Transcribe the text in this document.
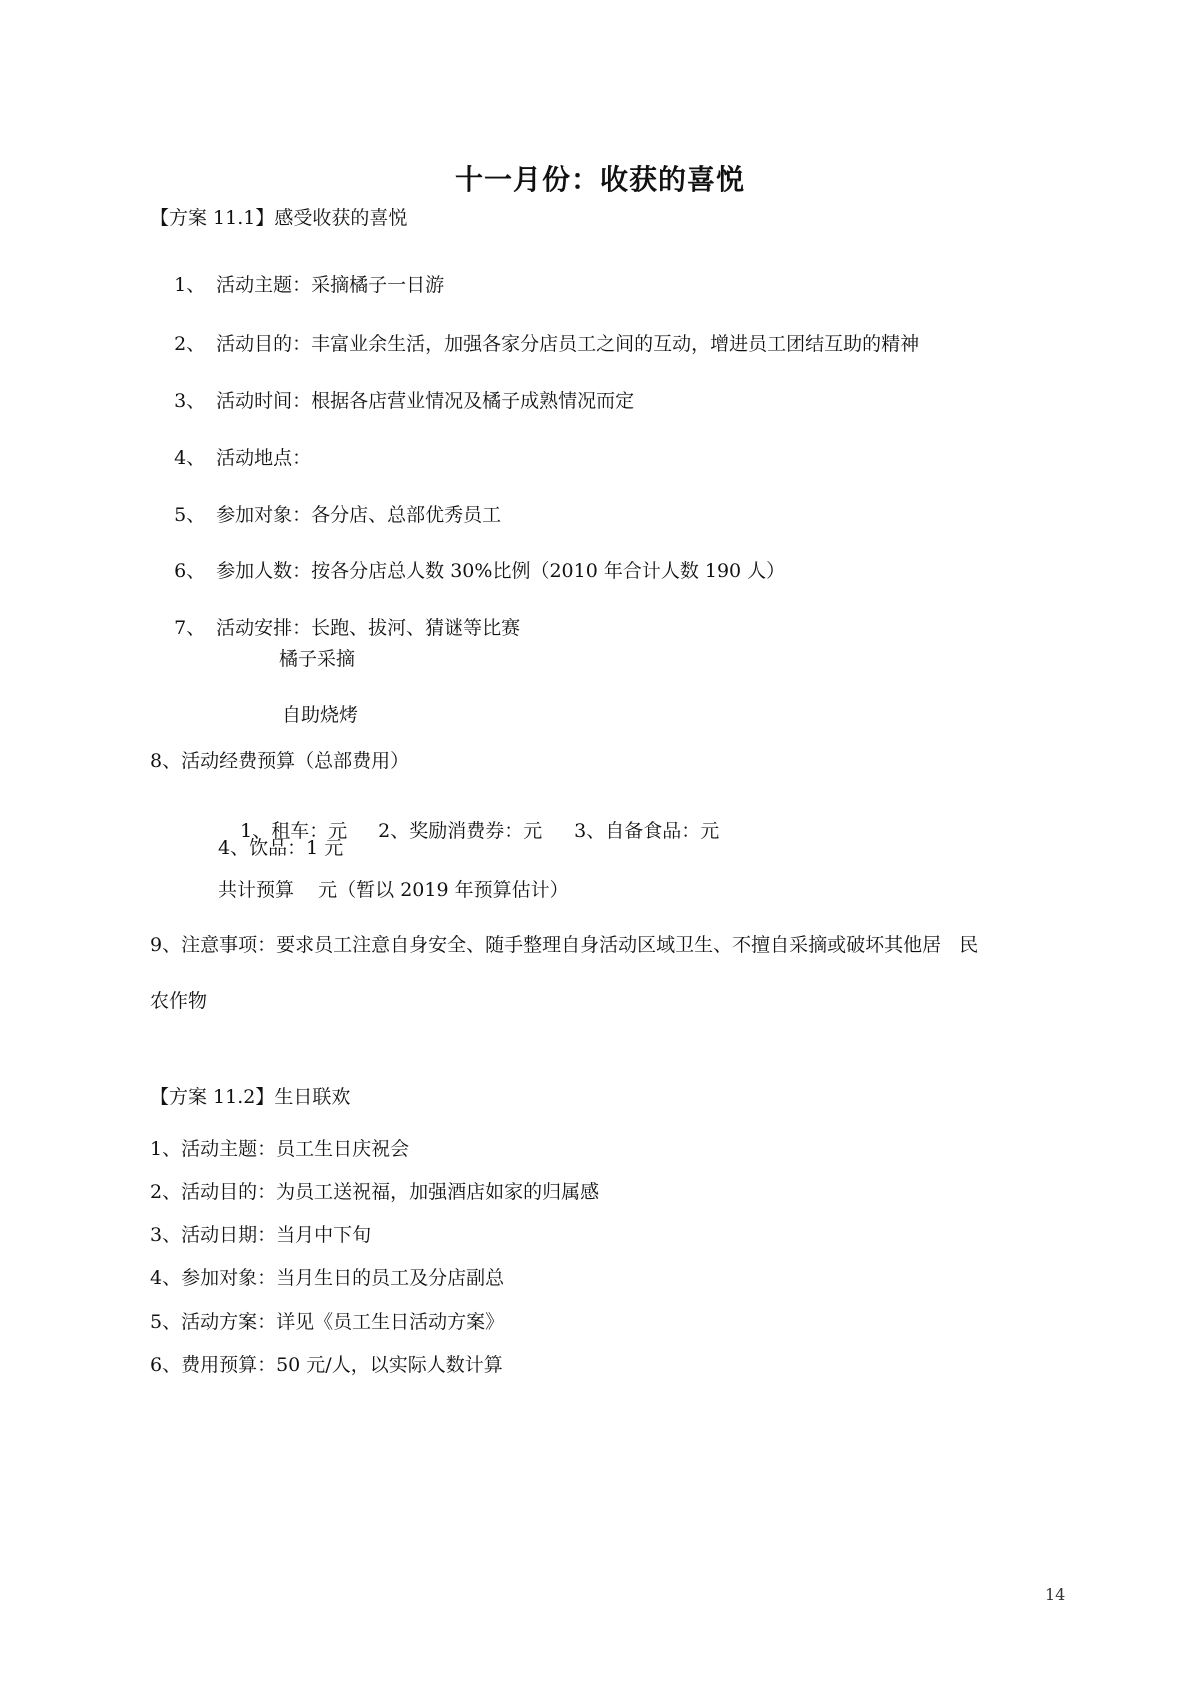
十一月份：收获的喜悦
【方案 11.1】感受收获的喜悦

1、 活动主题：采摘橘子一日游

2、 活动目的：丰富业余生活，加强各家分店员工之间的互动，增进员工团结互助的精神

3、 活动时间：根据各店营业情况及橘子成熟情况而定

4、 活动地点：

5、 参加对象：各分店、总部优秀员工

6、 参加人数：按各分店总人数 30%比例（2010 年合计人数 190 人）

7、 活动安排：长跑、拔河、猜谜等比赛

橘子采摘
自助烧烤
8、活动经费预算（总部费用）

1、租车：元 2、奖励消费券：元 3、自备食品：元

4、饮品：1 元
共计预算    元（暂以 2019 年预算估计）
9、注意事项：要求员工注意自身安全、随手整理自身活动区域卫生、不擅自采摘或破坏其他居   民
农作物
【方案 11.2】生日联欢
1、活动主题：员工生日庆祝会
2、活动目的：为员工送祝福，加强酒店如家的归属感
3、活动日期：当月中下旬
4、参加对象：当月生日的员工及分店副总
5、活动方案：详见《员工生日活动方案》
6、费用预算：50 元/人，以实际人数计算
14
